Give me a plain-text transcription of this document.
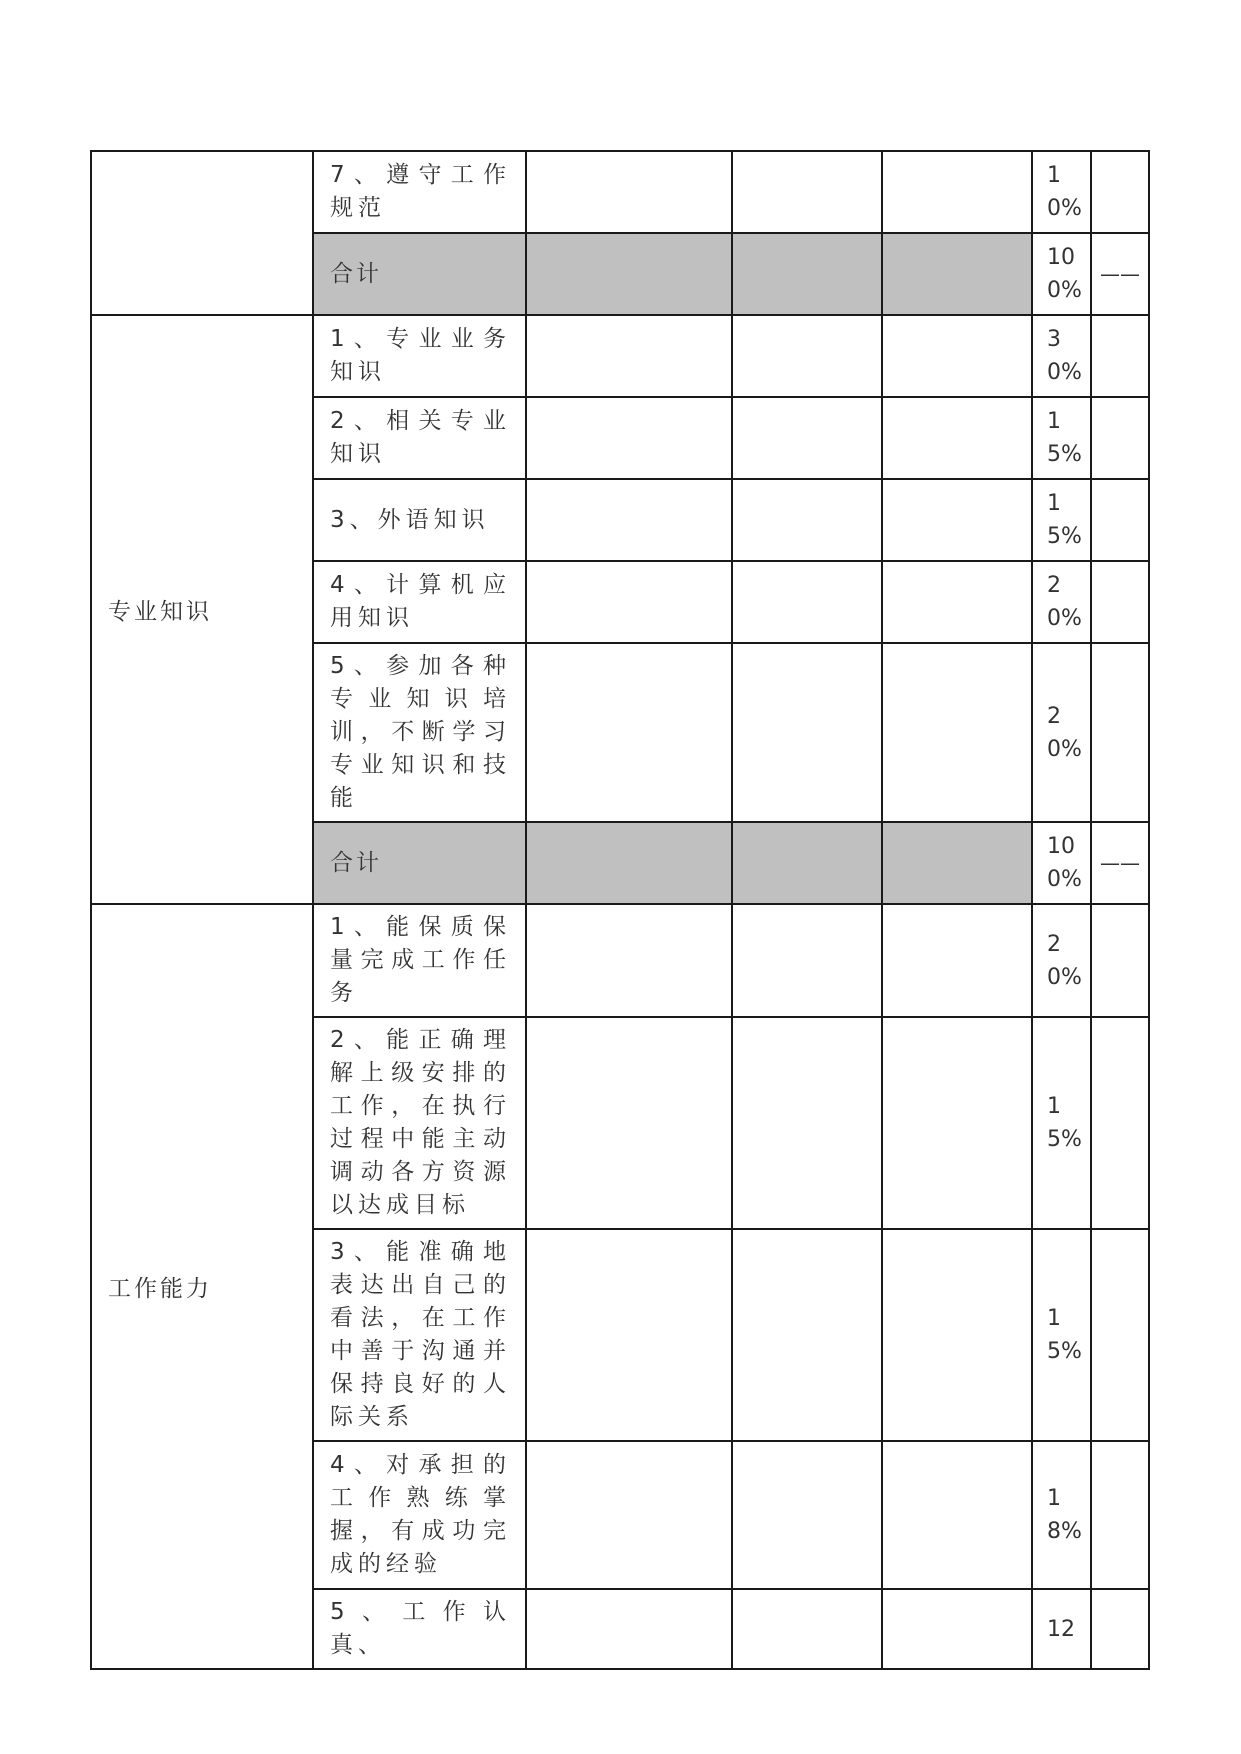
	7、遵守工作规范				10%	
	合计				100%	——
专业知识	1、专业业务知识				30%	
	2、相关专业知识				15%	
	3、外语知识				15%	
	4、计算机应用知识				20%	
	5、参加各种专业知识培训，不断学习专业知识和技能				20%	
	合计				100%	——
工作能力	1、能保质保量完成工作任务				20%	
	2、能正确理解上级安排的工作，在执行过程中能主动调动各方资源以达成目标				15%	
	3、能准确地表达出自己的看法，在工作中善于沟通并保持良好的人际关系				15%	
	4、对承担的工作熟练掌握，有成功完成的经验				18%	
	5、工作认真、				12	
